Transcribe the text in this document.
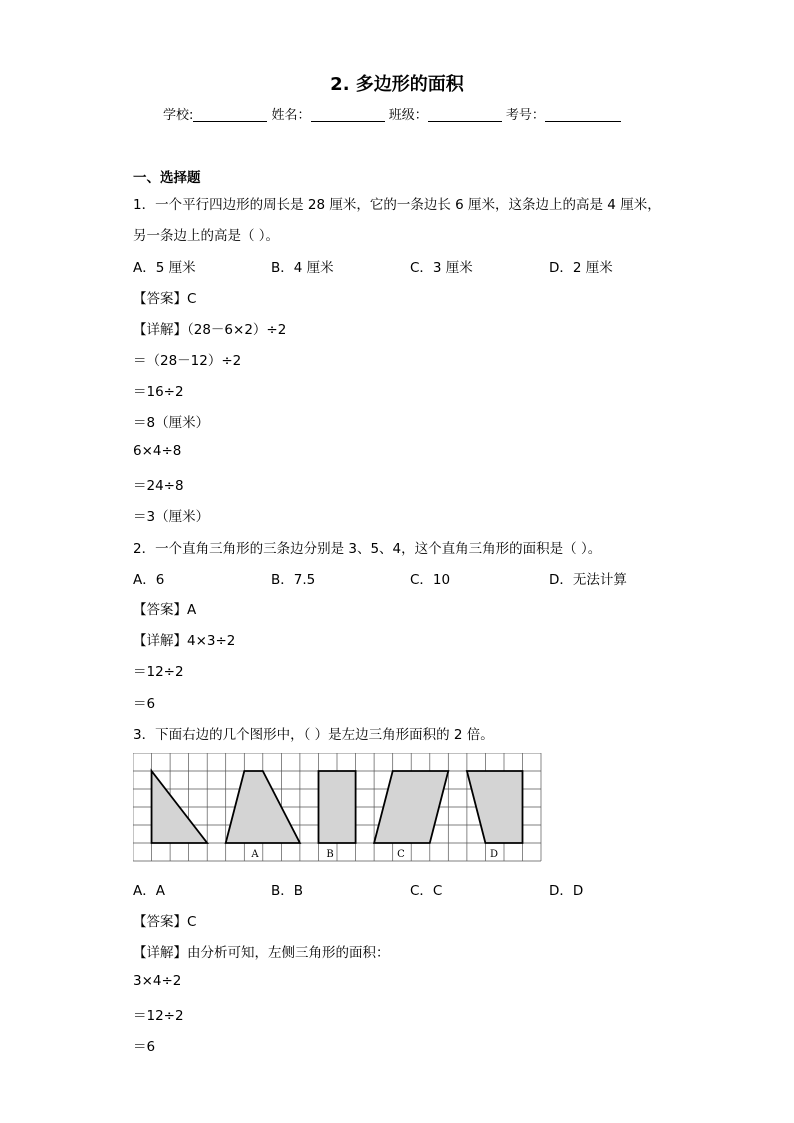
2. 多边形的面积
学校:	姓名：	班级：	考号：
一、选择题
1．一个平行四边形的周长是 28 厘米，它的一条边长 6 厘米，这条边上的高是 4 厘米，
另一条边上的高是（ ）。
A．5 厘米	B．4 厘米	C．3 厘米	D．2 厘米
【答案】C
【详解】（28－6×2）÷2
＝（28－12）÷2
＝16÷2
＝8（厘米）
6×4÷8
＝24÷8
＝3（厘米）
2．一个直角三角形的三条边分别是 3、5、4，这个直角三角形的面积是（ ）。
A．6	B．7.5	C．10	D．无法计算
【答案】A
【详解】4×3÷2
＝12÷2
＝6
3．下面右边的几个图形中，（ ）是左边三角形面积的 2 倍。
A	B	C	D
A．A	B．B	C．C	D．D
【答案】C
【详解】由分析可知，左侧三角形的面积：
3×4÷2
＝12÷2
＝6
